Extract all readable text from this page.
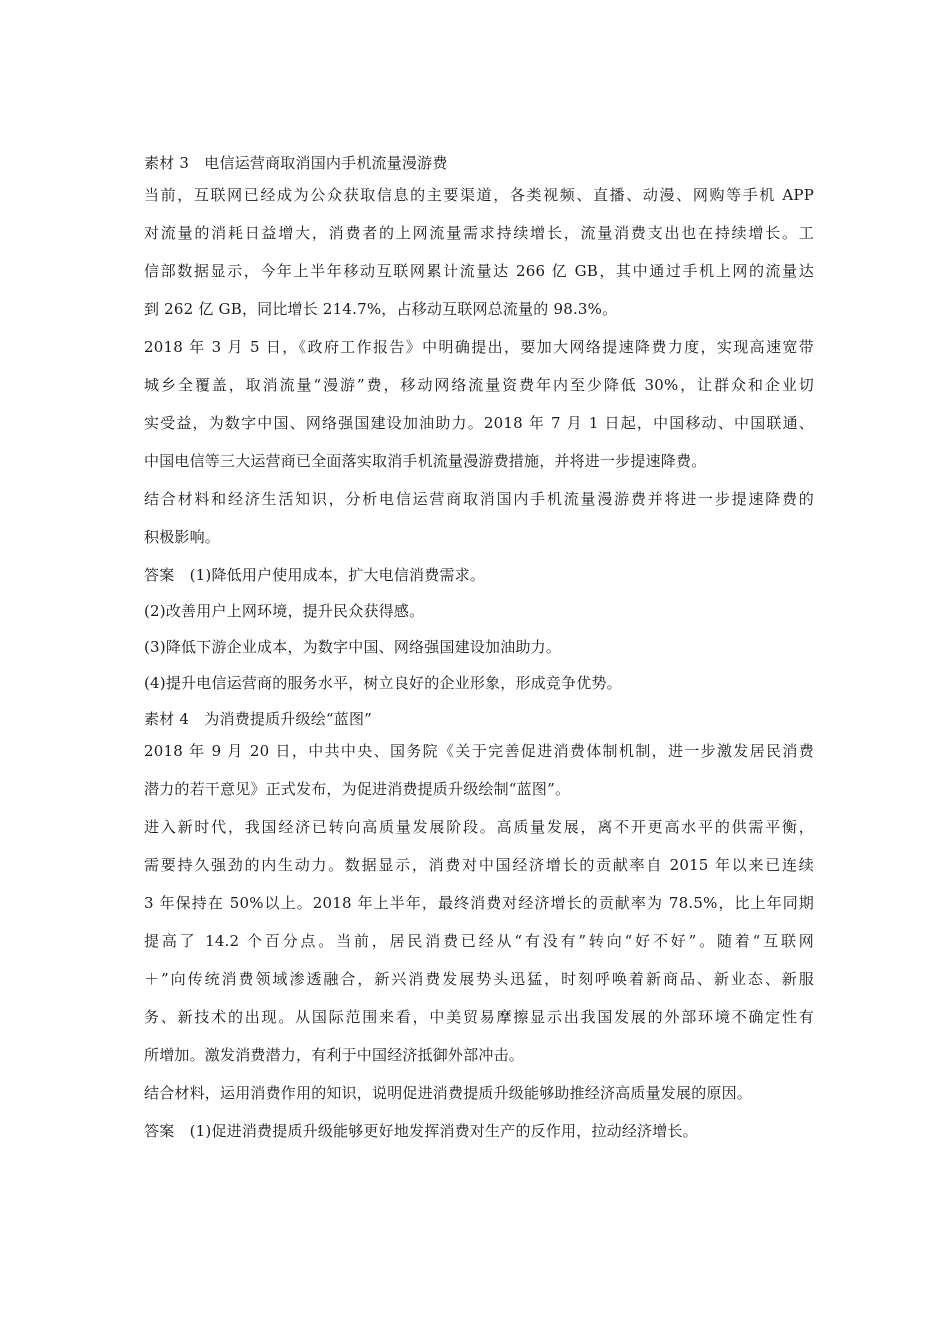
素材 3　电信运营商取消国内手机流量漫游费
当前，互联网已经成为公众获取信息的主要渠道，各类视频、直播、动漫、网购等手机 APP
对流量的消耗日益增大，消费者的上网流量需求持续增长，流量消费支出也在持续增长。工
信部数据显示，今年上半年移动互联网累计流量达 266 亿 GB，其中通过手机上网的流量达
到 262 亿 GB，同比增长 214.7%，占移动互联网总流量的 98.3%。
2018 年 3 月 5 日，《政府工作报告》中明确提出，要加大网络提速降费力度，实现高速宽带
城乡全覆盖，取消流量“漫游”费，移动网络流量资费年内至少降低 30%，让群众和企业切
实受益，为数字中国、网络强国建设加油助力。2018 年 7 月 1 日起，中国移动、中国联通、
中国电信等三大运营商已全面落实取消手机流量漫游费措施，并将进一步提速降费。
结合材料和经济生活知识，分析电信运营商取消国内手机流量漫游费并将进一步提速降费的
积极影响。
答案　(1)降低用户使用成本，扩大电信消费需求。
(2)改善用户上网环境，提升民众获得感。
(3)降低下游企业成本，为数字中国、网络强国建设加油助力。
(4)提升电信运营商的服务水平，树立良好的企业形象，形成竞争优势。
素材 4　为消费提质升级绘“蓝图”
2018 年 9 月 20 日，中共中央、国务院《关于完善促进消费体制机制，进一步激发居民消费
潜力的若干意见》正式发布，为促进消费提质升级绘制“蓝图”。
进入新时代，我国经济已转向高质量发展阶段。高质量发展，离不开更高水平的供需平衡，
需要持久强劲的内生动力。数据显示，消费对中国经济增长的贡献率自 2015 年以来已连续
3 年保持在 50%以上。2018 年上半年，最终消费对经济增长的贡献率为 78.5%，比上年同期
提高了 14.2 个百分点。当前，居民消费已经从“有没有”转向“好不好”。随着“互联网
＋”向传统消费领域渗透融合，新兴消费发展势头迅猛，时刻呼唤着新商品、新业态、新服
务、新技术的出现。从国际范围来看，中美贸易摩擦显示出我国发展的外部环境不确定性有
所增加。激发消费潜力，有利于中国经济抵御外部冲击。
结合材料，运用消费作用的知识，说明促进消费提质升级能够助推经济高质量发展的原因。
答案　(1)促进消费提质升级能够更好地发挥消费对生产的反作用，拉动经济增长。
